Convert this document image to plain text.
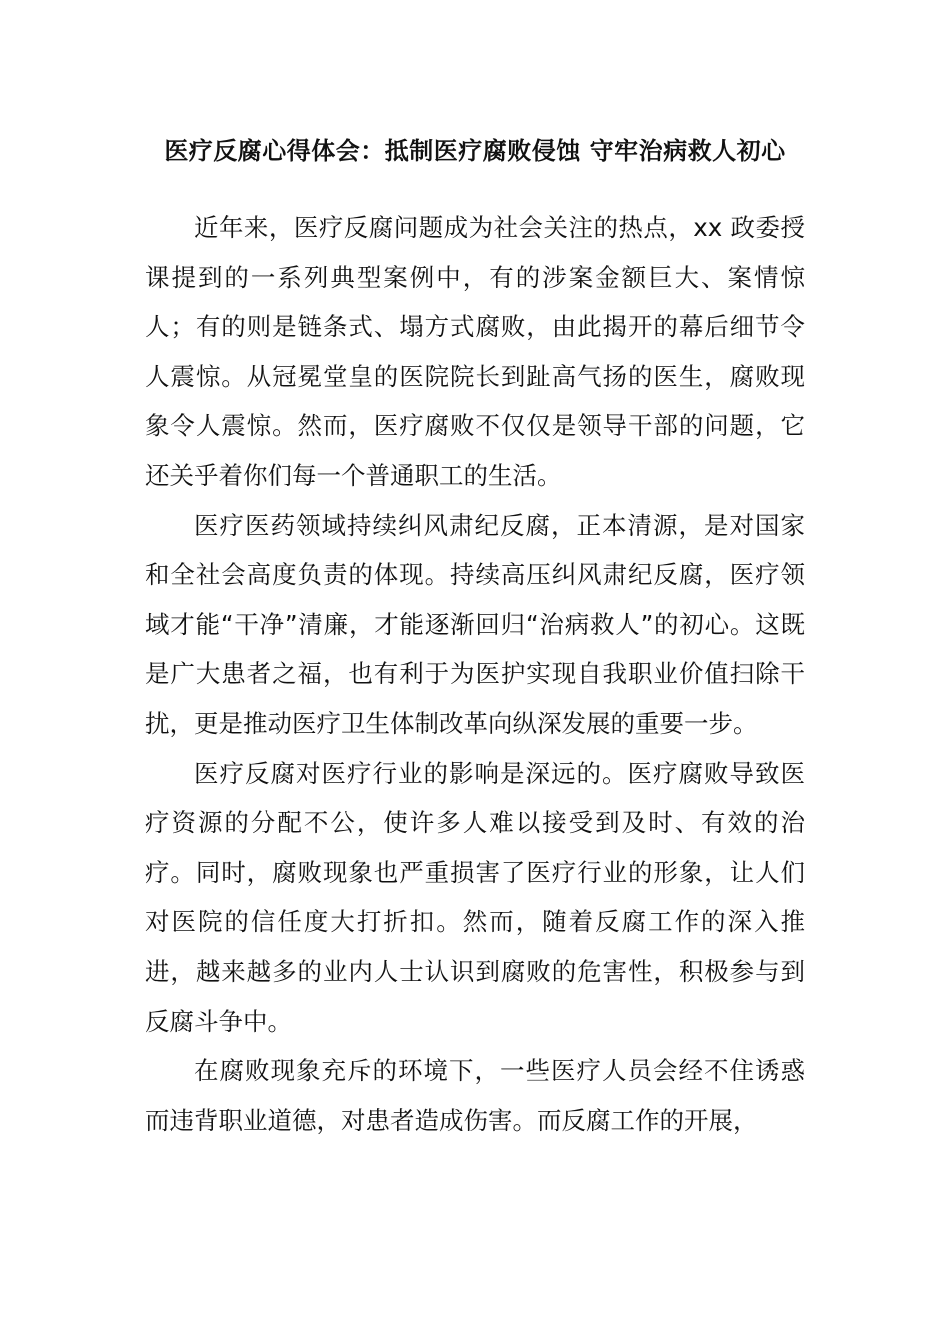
医疗反腐心得体会：抵制医疗腐败侵蚀 守牢治病救人初心

近年来，医疗反腐问题成为社会关注的热点，xx 政委授课提到的一系列典型案例中，有的涉案金额巨大、案情惊人；有的则是链条式、塌方式腐败，由此揭开的幕后细节令人震惊。从冠冕堂皇的医院院长到趾高气扬的医生，腐败现象令人震惊。然而，医疗腐败不仅仅是领导干部的问题，它还关乎着你们每一个普通职工的生活。

医疗医药领域持续纠风肃纪反腐，正本清源，是对国家和全社会高度负责的体现。持续高压纠风肃纪反腐，医疗领域才能“干净”清廉，才能逐渐回归“治病救人”的初心。这既是广大患者之福，也有利于为医护实现自我职业价值扫除干扰，更是推动医疗卫生体制改革向纵深发展的重要一步。

医疗反腐对医疗行业的影响是深远的。医疗腐败导致医疗资源的分配不公，使许多人难以接受到及时、有效的治疗。同时，腐败现象也严重损害了医疗行业的形象，让人们对医院的信任度大打折扣。然而，随着反腐工作的深入推进，越来越多的业内人士认识到腐败的危害性，积极参与到反腐斗争中。

在腐败现象充斥的环境下，一些医疗人员会经不住诱惑而违背职业道德，对患者造成伤害。而反腐工作的开展，
